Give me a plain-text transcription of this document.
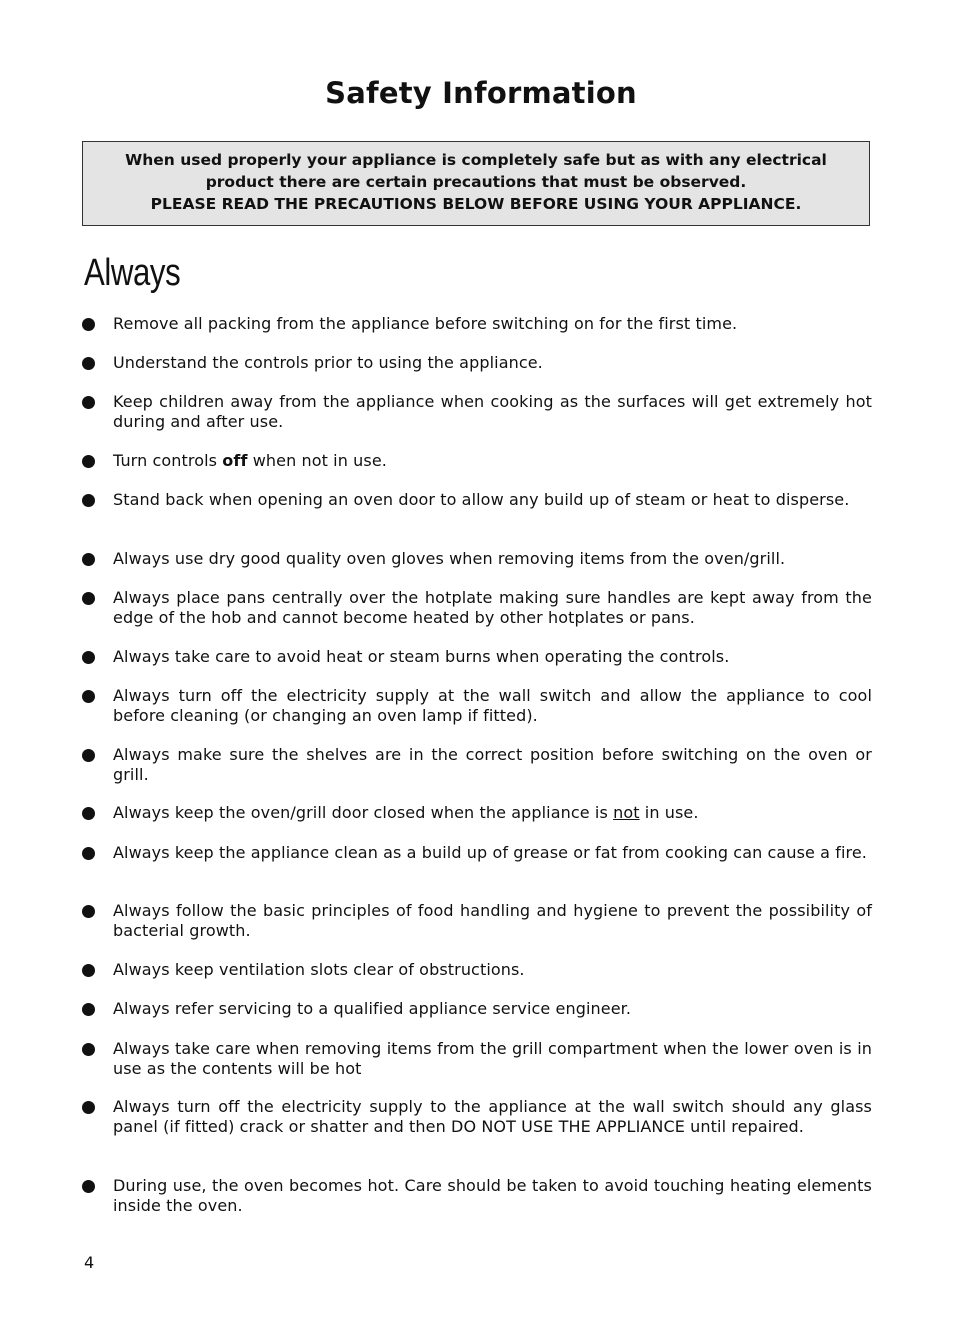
Safety Information
When used properly your appliance is completely safe but as with any electrical
product there are certain precautions that must be observed.
PLEASE READ THE PRECAUTIONS BELOW BEFORE USING YOUR APPLIANCE.
Always
Remove all packing from the appliance before switching on for the first time.
Understand the controls prior to using the appliance.
Keep children away from the appliance when cooking as the surfaces will get extremely hot during and after use.
Turn controls off when not in use.
Stand back when opening an oven door to allow any build up of steam or heat to disperse.
Always use dry good quality oven gloves when removing items from the oven/grill.
Always place pans centrally over the hotplate making sure handles are kept away from the edge of the hob and cannot become heated by other hotplates or pans.
Always take care to avoid heat or steam burns when operating the controls.
Always turn off the electricity supply at the wall switch and allow the appliance to cool before cleaning (or changing an oven lamp if fitted).
Always make sure the shelves are in the correct position before switching on the oven or grill.
Always keep the oven/grill door closed when the appliance is not in use.
Always keep the appliance clean as a build up of grease or fat from cooking can cause a fire.
Always follow the basic principles of food handling and hygiene to prevent the possibility of bacterial growth.
Always keep ventilation slots clear of obstructions.
Always refer servicing to a qualified appliance service engineer.
Always take care when removing items from the grill compartment when the lower oven is in use as the contents will be hot
Always turn off the electricity supply to the appliance at the wall switch should any glass panel (if fitted) crack or shatter and then DO NOT USE THE APPLIANCE until repaired.
During use, the oven becomes hot. Care should be taken to avoid touching heating elements inside the oven.
4
